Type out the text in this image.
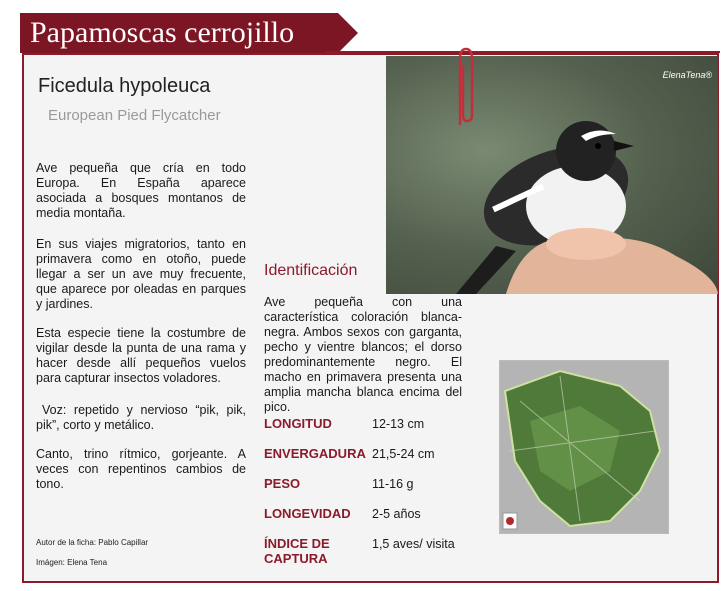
Papamoscas cerrojillo
Ficedula hypoleuca
European Pied Flycatcher
Ave pequeña que cría en todo Europa. En España aparece asociada a bosques montanos de media montaña.
En sus viajes migratorios, tanto en primavera como en otoño, puede llegar a ser un ave muy frecuente, que aparece por oleadas en parques y jardines.
Esta especie tiene la costumbre de vigilar desde la punta de una rama y hacer desde allí pequeños vuelos para capturar insectos voladores.
Voz: repetido y nervioso “pik, pik, pik”, corto y metálico.
Canto, trino rítmico, gorjeante. A veces con repentinos cambios de tono.
Autor de la ficha: Pablo Capillar
Imágen: Elena Tena
ElenaTena®
Identificación
Ave pequeña con una característica coloración blanca-negra. Ambos sexos con garganta, pecho y vientre blancos; el dorso predominantemente negro. El macho en primavera presenta una amplia mancha blanca encima del pico.
LONGITUD	12-13 cm
ENVERGADURA 21,5-24 cm
PESO	11-16 g
LONGEVIDAD 2-5 años
ÍNDICE DE CAPTURA
1,5 aves/ visita
